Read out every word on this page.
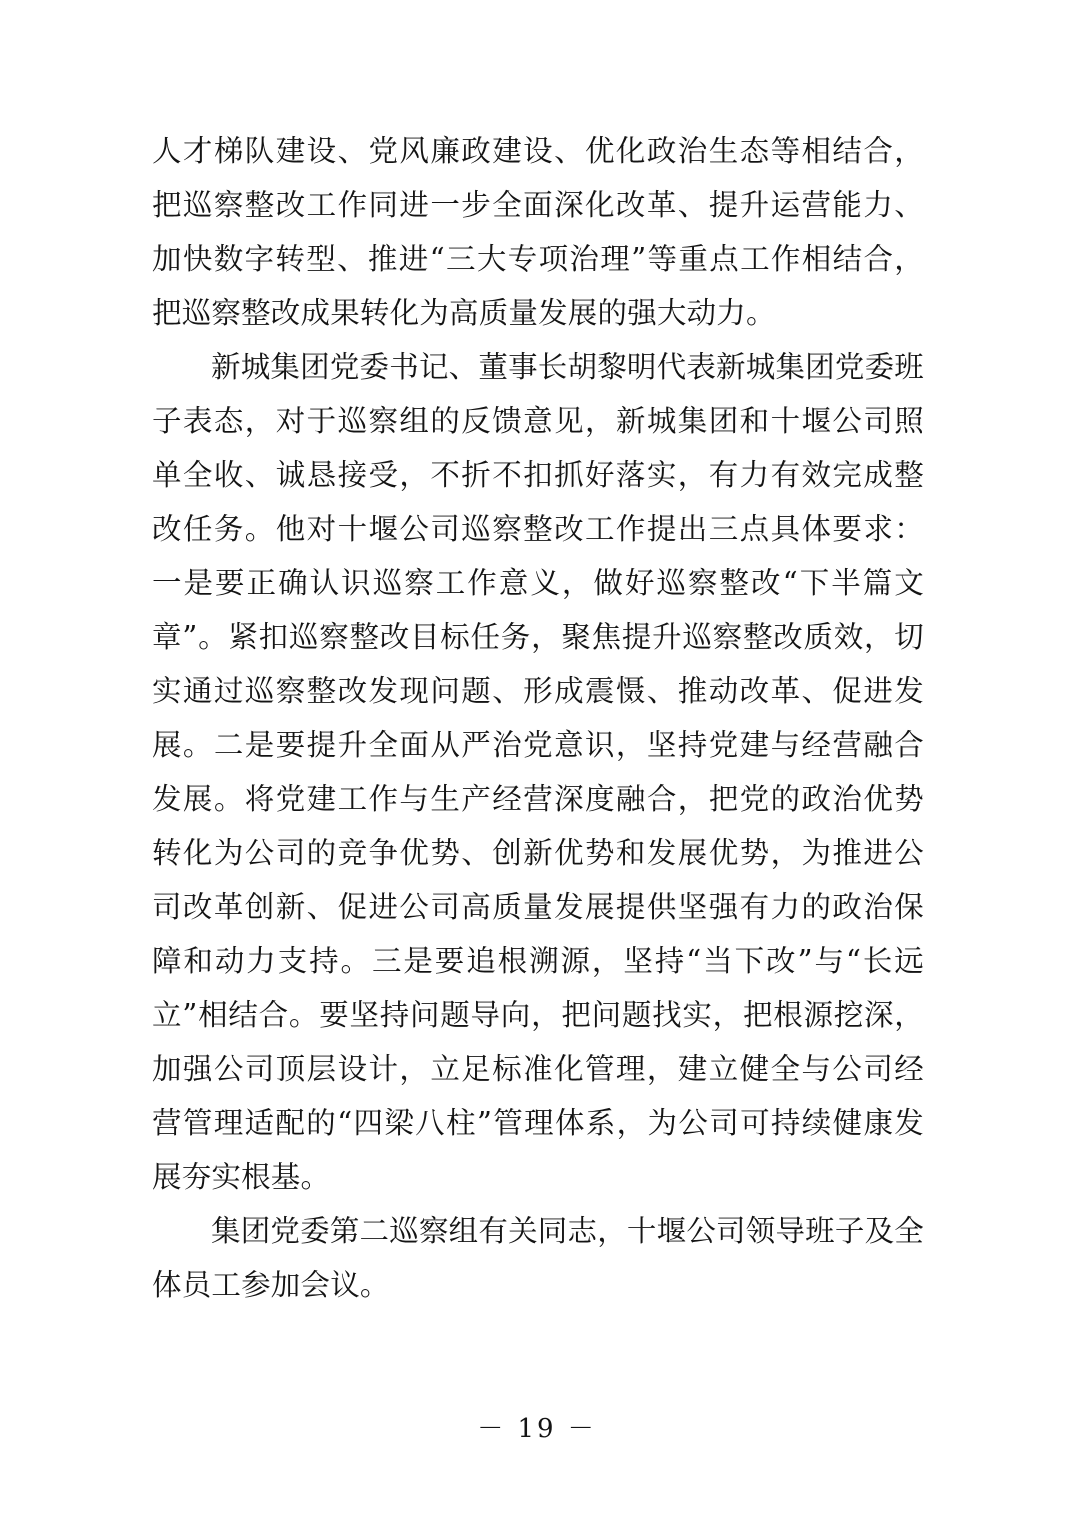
人才梯队建设、党风廉政建设、优化政治生态等相结合，把巡察整改工作同进一步全面深化改革、提升运营能力、加快数字转型、推进“三大专项治理”等重点工作相结合，把巡察整改成果转化为高质量发展的强大动力。

新城集团党委书记、董事长胡黎明代表新城集团党委班子表态，对于巡察组的反馈意见，新城集团和十堰公司照单全收、诚恳接受，不折不扣抓好落实，有力有效完成整改任务。他对十堰公司巡察整改工作提出三点具体要求：一是要正确认识巡察工作意义，做好巡察整改“下半篇文章”。紧扣巡察整改目标任务，聚焦提升巡察整改质效，切实通过巡察整改发现问题、形成震慑、推动改革、促进发展。二是要提升全面从严治党意识，坚持党建与经营融合发展。将党建工作与生产经营深度融合，把党的政治优势转化为公司的竞争优势、创新优势和发展优势，为推进公司改革创新、促进公司高质量发展提供坚强有力的政治保障和动力支持。三是要追根溯源，坚持“当下改”与“长远立”相结合。要坚持问题导向，把问题找实，把根源挖深，加强公司顶层设计，立足标准化管理，建立健全与公司经营管理适配的“四梁八柱”管理体系，为公司可持续健康发展夯实根基。

集团党委第二巡察组有关同志，十堰公司领导班子及全体员工参加会议。

－ 19 －
